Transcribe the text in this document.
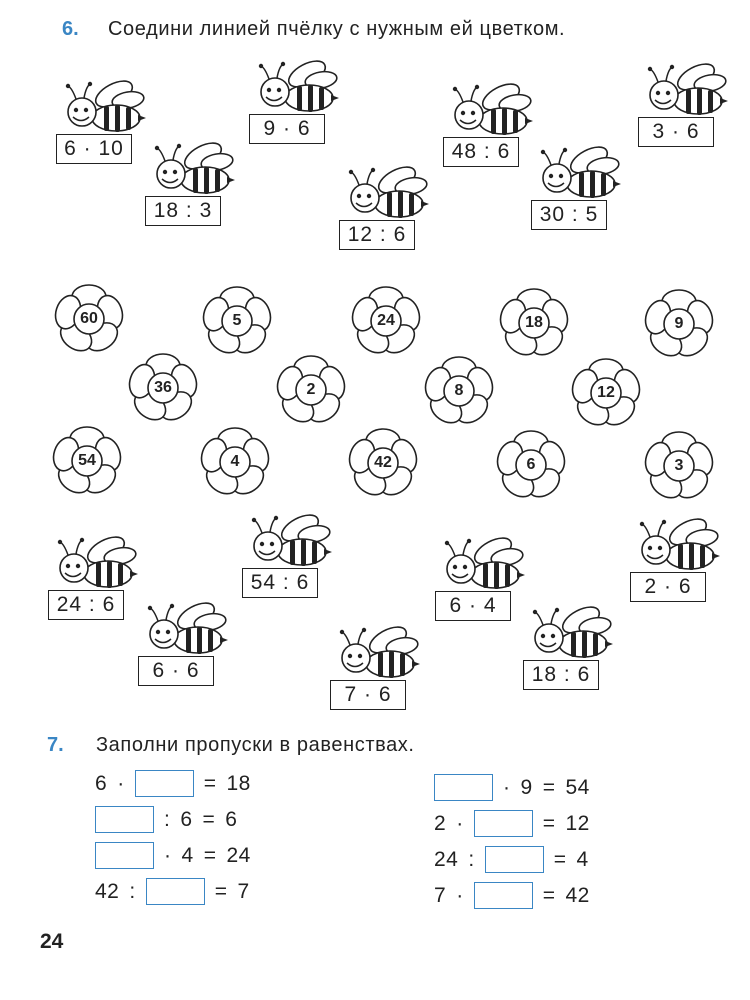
6. Соедини линией пчёлку с нужным ей цветком.
6 · 10
9 · 6
48 : 6
3 · 6
18 : 3
12 : 6
30 : 5
60	5	24	18	9
36	2	8	12
54	4	42	6	3
24 : 6
54 : 6
6 · 4
2 · 6
6 · 6
7 · 6
18 : 6
7. Заполни пропуски в равенствах.
6 ·	= 18
: 6 = 6
· 4 = 24
42 :	= 7
· 9 = 54
2 ·	= 12
24 :	= 4
7 ·	= 42
24
